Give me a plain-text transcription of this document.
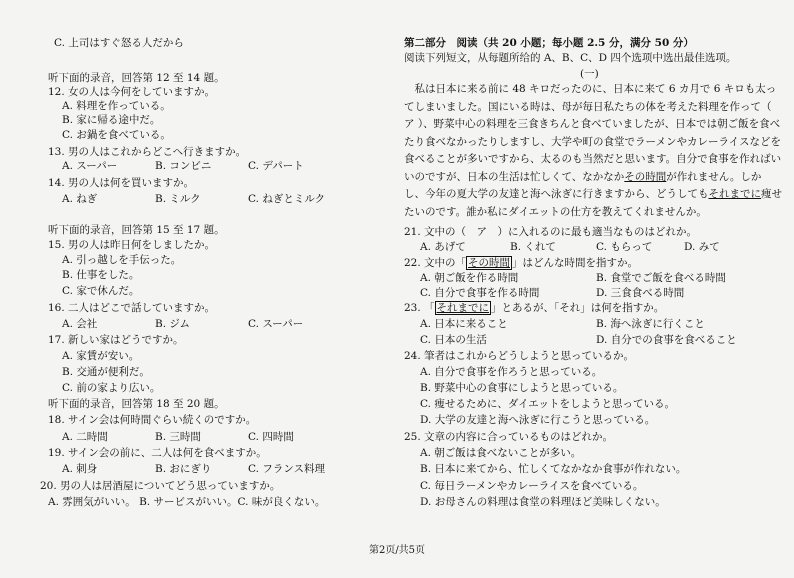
C. 上司はすぐ怒る人だから
听下面的录音，回答第 12 至 14 题。
12. 女の人は今何をしていますか。
A. 料理を作っている。
B. 家に帰る途中だ。
C. お鍋を食べている。
13. 男の人はこれからどこへ行きますか。
A. スーパー	B. コンビニ	C. デパート
14. 男の人は何を買いますか。
A. ねぎ	B. ミルク	C. ねぎとミルク
听下面的录音，回答第 15 至 17 题。
15. 男の人は昨日何をしましたか。
A. 引っ越しを手伝った。
B. 仕事をした。
C. 家で休んだ。
16. 二人はどこで話していますか。
A. 会社	B. ジム	C. スーパー
17. 新しい家はどうですか。
A. 家賃が安い。
B. 交通が便利だ。
C. 前の家より広い。
听下面的录音，回答第 18 至 20 题。
18. サイン会は何時間ぐらい続くのですか。
A. 二時間	B. 三時間	C. 四時間
19. サイン会の前に、二人は何を食べますか。
A. 刺身	B. おにぎり	C. フランス料理
20. 男の人は居酒屋についてどう思っていますか。
A. 雰囲気がいい。 B. サービスがいい。C. 味が良くない。
第二部分　阅读（共 20 小题；每小题 2.5 分，满分 50 分）
阅读下列短文，从每题所给的 A、B、C、D 四个选项中选出最佳选项。
(一)
　私は日本に来る前に 48 キロだったのに、日本に来て 6 カ月で 6 キロも太ってしまいました。国にいる時は、母が毎日私たちの体を考えた料理を作って（ ア ）、野菜中心の料理を三食きちんと食べていましたが、日本では朝ご飯を食べたり食べなかったりしますし、大学や町の食堂でラーメンやカレーライスなどを食べることが多いですから、太るのも当然だと思います。自分で食事を作ればいいのですが、日本の生活は忙しくて、なかなかその時間が作れません。しかし、今年の夏大学の友達と海へ泳ぎに行きますから、どうしてもそれまでに痩せたいのです。誰か私にダイエットの仕方を教えてくれませんか。
21. 文中の（　ア　）に入れるのに最も適当なものはどれか。
A. あげて	B. くれて	C. もらって	D. みて
22. 文中の「 その時間 」はどんな時間を指すか。
A. 朝ご飯を作る時間	B. 食堂でご飯を食べる時間
C. 自分で食事を作る時間	D. 三食食べる時間
23. 「 それまでに 」とあるが、「それ」は何を指すか。
A. 日本に来ること	B. 海へ泳ぎに行くこと
C. 日本の生活	D. 自分での食事を食べること
24. 筆者はこれからどうしようと思っているか。
A. 自分で食事を作ろうと思っている。
B. 野菜中心の食事にしようと思っている。
C. 痩せるために、ダイエットをしようと思っている。
D. 大学の友達と海へ泳ぎに行こうと思っている。
25. 文章の内容に合っているものはどれか。
A. 朝ご飯は食べないことが多い。
B. 日本に来てから、忙しくてなかなか食事が作れない。
C. 毎日ラーメンやカレーライスを食べている。
D. お母さんの料理は食堂の料理ほど美味しくない。
第2页/共5页
